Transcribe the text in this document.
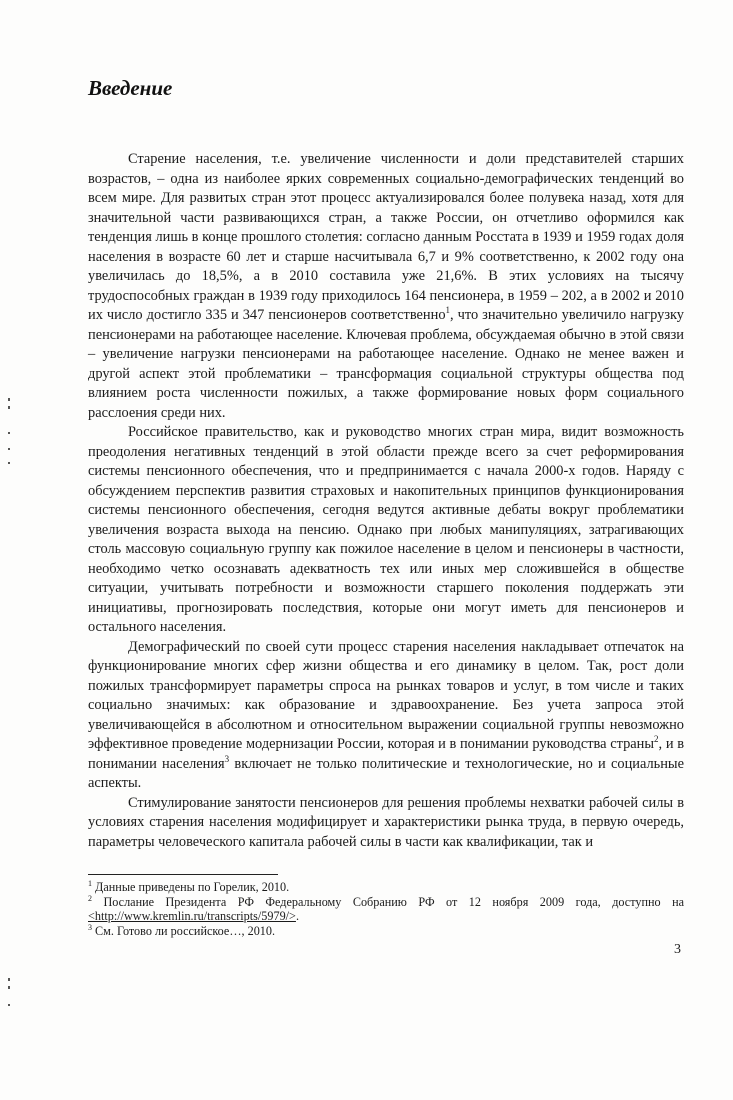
Введение

Старение населения, т.е. увеличение численности и доли представителей старших возрастов, – одна из наиболее ярких современных социально-демографических тенденций во всем мире. Для развитых стран этот процесс актуализировался более полувека назад, хотя для значительной части развивающихся стран, а также России, он отчетливо оформился как тенденция лишь в конце прошлого столетия: согласно данным Росстата в 1939 и 1959 годах доля населения в возрасте 60 лет и старше насчитывала 6,7 и 9% соответственно, к 2002 году она увеличилась до 18,5%, а в 2010 составила уже 21,6%. В этих условиях на тысячу трудоспособных граждан в 1939 году приходилось 164 пенсионера, в 1959 – 202, а в 2002 и 2010 их число достигло 335 и 347 пенсионеров соответственно$^1$, что значительно увеличило нагрузку пенсионерами на работающее население. Ключевая проблема, обсуждаемая обычно в этой связи – увеличение нагрузки пенсионерами на работающее население. Однако не менее важен и другой аспект этой проблематики – трансформация социальной структуры общества под влиянием роста численности пожилых, а также формирование новых форм социального расслоения среди них.

Российское правительство, как и руководство многих стран мира, видит возможность преодоления негативных тенденций в этой области прежде всего за счет реформирования системы пенсионного обеспечения, что и предпринимается с начала 2000-х годов. Наряду с обсуждением перспектив развития страховых и накопительных принципов функционирования системы пенсионного обеспечения, сегодня ведутся активные дебаты вокруг проблематики увеличения возраста выхода на пенсию. Однако при любых манипуляциях, затрагивающих столь массовую социальную группу как пожилое население в целом и пенсионеры в частности, необходимо четко осознавать адекватность тех или иных мер сложившейся в обществе ситуации, учитывать потребности и возможности старшего поколения поддержать эти инициативы, прогнозировать последствия, которые они могут иметь для пенсионеров и остального населения.

Демографический по своей сути процесс старения населения накладывает отпечаток на функционирование многих сфер жизни общества и его динамику в целом. Так, рост доли пожилых трансформирует параметры спроса на рынках товаров и услуг, в том числе и таких социально значимых: как образование и здравоохранение. Без учета запроса этой увеличивающейся в абсолютном и относительном выражении социальной группы невозможно эффективное проведение модернизации России, которая и в понимании руководства страны$^2$, и в понимании населения$^3$ включает не только политические и технологические, но и социальные аспекты.

Стимулирование занятости пенсионеров для решения проблемы нехватки рабочей силы в условиях старения населения модифицирует и характеристики рынка труда, в первую очередь, параметры человеческого капитала рабочей силы в части как квалификации, так и

$^1$ Данные приведены по Горелик, 2010.
$^2$ Послание Президента РФ Федеральному Собранию РФ от 12 ноября 2009 года, доступно на <http://www.kremlin.ru/transcripts/5979/>.
$^3$ См. Готово ли российское…, 2010.
3
